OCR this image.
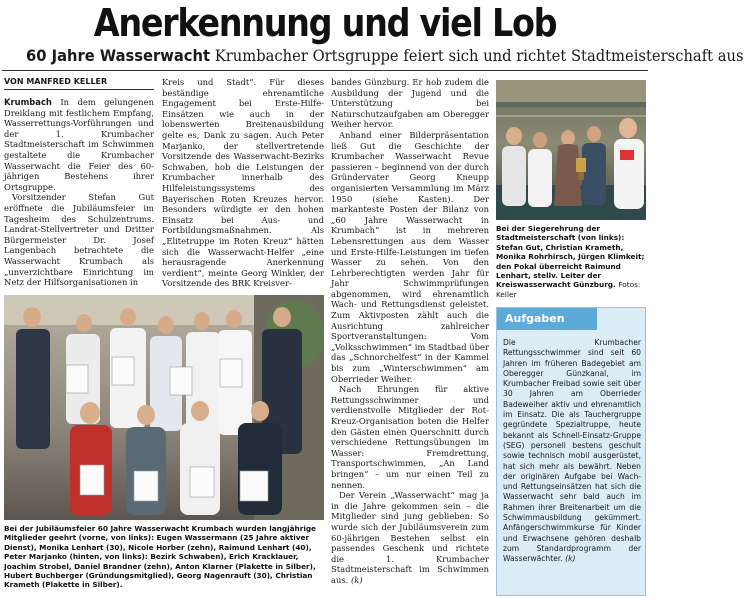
Anerkennung und viel Lob
60 Jahre Wasserwacht Krumbacher Ortsgruppe feiert sich und richtet Stadtmeisterschaft aus
VON MANFRED KELLER

Krumbach In dem gelungenen Dreiklang mit festlichem Empfang, Wasserrettungs-Vorführungen und der 1. Krumbacher Stadtmeisterschaft im Schwimmen gestaltete die Krumbacher Wasserwacht die Feier des 60-jährigen Bestehens ihrer Ortsgruppe.

Vorsitzender Stefan Gut eröffnete die Jubiläumsfeier im Tagesheim des Schulzentrums. Landrat-Stellvertreter und Dritter Bürgermeister Dr. Josef Langenbach betrachtete die Wasserwacht Krumbach als „unverzichtbare Einrichtung im Netz der Hilfsorganisationen in

Kreis und Stadt“. Für dieses beständige ehrenamtliche Engagement bei Erste-Hilfe-Einsätzen wie auch in der lobenswerten Breitenausbildung gelte es, Dank zu sagen. Auch Peter Marjanko, der stellvertretende Vorsitzende des Wasserwacht-Bezirks Schwaben, hob die Leistungen der Krumbacher innerhalb des Hilfeleistungssystems des Bayerischen Roten Kreuzes hervor. Besonders würdigte er den hohen Einsatz bei Aus- und Fortbildungsmaßnahmen. Als „Elitetruppe im Roten Kreuz“ hätten sich die Wasserwacht-Helfer „eine herausragende Anerkennung verdient“, meinte Georg Winkler, der Vorsitzende des BRK Kreisver-

bandes Günzburg. Er hob zudem die Ausbildung der Jugend und die Unterstützung bei Naturschutzaufgaben am Oberegger Weiher hervor.

Anhand einer Bilderpräsentation ließ Gut die Geschichte der Krumbacher Wasserwacht Revue passieren – beginnend von der durch Gründervater Georg Kneupp organisierten Versammlung im März 1950 (siehe Kasten). Der markanteste Posten der Bilanz von „60 Jahre Wasserwacht in Krumbach“ ist in mehreren Lebensrettungen aus dem Wasser und Erste-Hilfe-Leistungen im tiefen Wasser zu sehen. Von den Lehrberechtigten werden Jahr für Jahr Schwimmprüfungen abgenommen, wird ehrenamtlich Wach- und Rettungsdienst geleistet. Zum Aktivposten zählt auch die Ausrichtung zahlreicher Sportveranstaltungen: Vom „Volksschwimmen“ im Stadtbad über das „Schnorchelfest“ in der Kammel bis zum „Winterschwimmen“ am Oberrieder Weiher.

Nach Ehrungen für aktive Rettungsschwimmer und verdienstvolle Mitglieder der Rot-Kreuz-Organisation boten die Helfer den Gästen einen Querschnitt durch verschiedene Rettungsübungen im Wasser: Fremdrettung, Transportschwimmen, „An Land bringen“ – um nur einen Teil zu nennen.

Der Verein „Wasserwacht“ mag ja in die Jahre gekommen sein – die Mitglieder sind jung geblieben: So wurde sich der Jubiläumsverein zum 60-jährigen Bestehen selbst ein passendes Geschenk und richtete die 1. Krumbacher Stadtmeisterschaft im Schwimmen aus. (k)

Bei der Siegerehrung der Stadtmeisterschaft (von links): Stefan Gut, Christian Krameth, Monika Rohrhirsch, Jürgen Klimkeit; den Pokal überreicht Raimund Lenhart, stellv. Leiter der Kreiswasserwacht Günzburg. Fotos: Keller
Bei der Jubiläumsfeier 60 Jahre Wasserwacht Krumbach wurden langjährige Mitglieder geehrt (vorne, von links): Eugen Wassermann (25 Jahre aktiver Dienst), Monika Lenhart (30), Nicole Horber (zehn), Raimund Lenhart (40), Peter Marjanko (hinten, von links): Bezirk Schwaben), Erich Kracklauer, Joachim Strobel, Daniel Brandner (zehn), Anton Klarner (Plakette in Silber), Hubert Buchberger (Gründungsmitglied), Georg Nagenrauft (30), Christian Krameth (Plakette in Silber).
Aufgaben
Die Krumbacher Rettungsschwimmer sind seit 60 Jahren im früheren Badegebiet am Oberegger Günzkanal, im Krumbacher Freibad sowie seit über 30 Jahren am Oberrieder Badeweiher aktiv und ehrenamtlich im Einsatz. Die als Tauchergruppe gegründete Spezialtruppe, heute bekannt als Schnell-Einsatz-Gruppe (SEG) personell bestens geschult sowie technisch mobil ausgerüstet, hat sich mehr als bewährt. Neben der originären Aufgabe bei Wach- und Rettungseinsätzen hat sich die Wasserwacht sehr bald auch im Rahmen ihrer Breitenarbeit um die Schwimmausbildung gekümmert. Anfängerschwimmkurse für Kinder und Erwachsene gehören deshalb zum Standardprogramm der Wasserwächter. (k)
